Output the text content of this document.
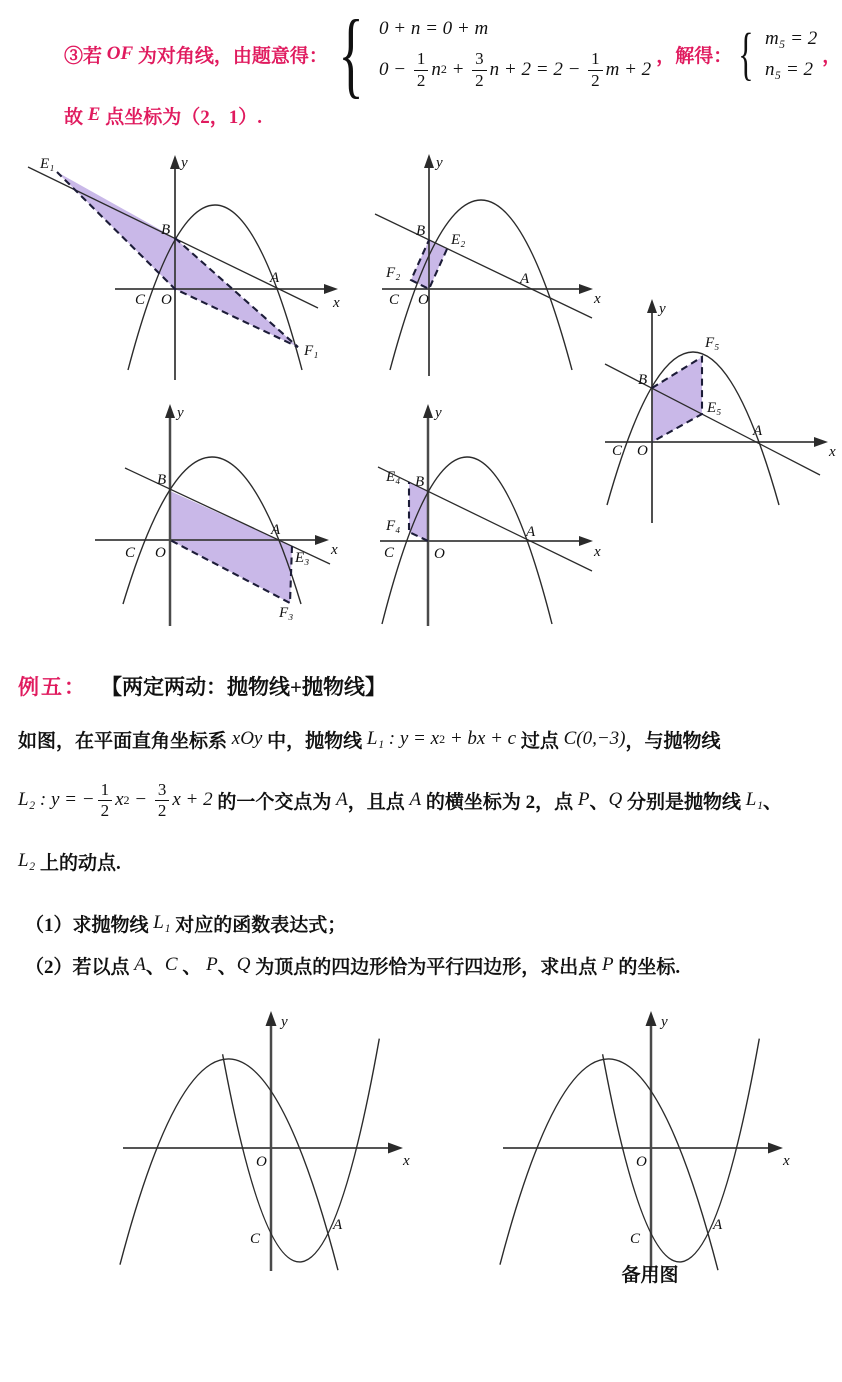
③若 OF 为对角线，由题意得： { 0 + n = 0 + m
$0 - \frac{1}{2}$ n $2 + \frac{3}{2}$ $n + 2 = 2 - \frac{1}{2}$ m + 2
，解得： { m₅ = 2
n₅ = 2
，
故 E 点坐标为（2，1）.
E₁
B
C O
A
F₁
x
y
B
E₂
F₂
C O
A
x
y
F₅
B
E₅
C O
A
x
y
B
A
E₃
F₃
C O	x
y
B
E₄
F₄
C	O
A
x
y
例五： 【两定两动：抛物线+抛物线】
如图，在平面直角坐标系 xOy 中，抛物线 L₁ : y = x 2 + bx + c 过点 C(0,−3) ，与抛物线
L₂ : y = − $\frac{1}{2}$ x $2 - \frac{3}{2}$ x + 2 的一个交点为 A ，且点 A 的横坐标为 2，点 P 、 Q 分别是抛物线 L₁ 、
L₂ 上的动点.
（1）求抛物线 L₁ 对应的函数表达式；
（2）若以点 A 、 C 、 P 、 Q 为顶点的四边形恰为平行四边形，求出点 P 的坐标.
O
C
A
x
y
O
C
A
x
y
备用图
